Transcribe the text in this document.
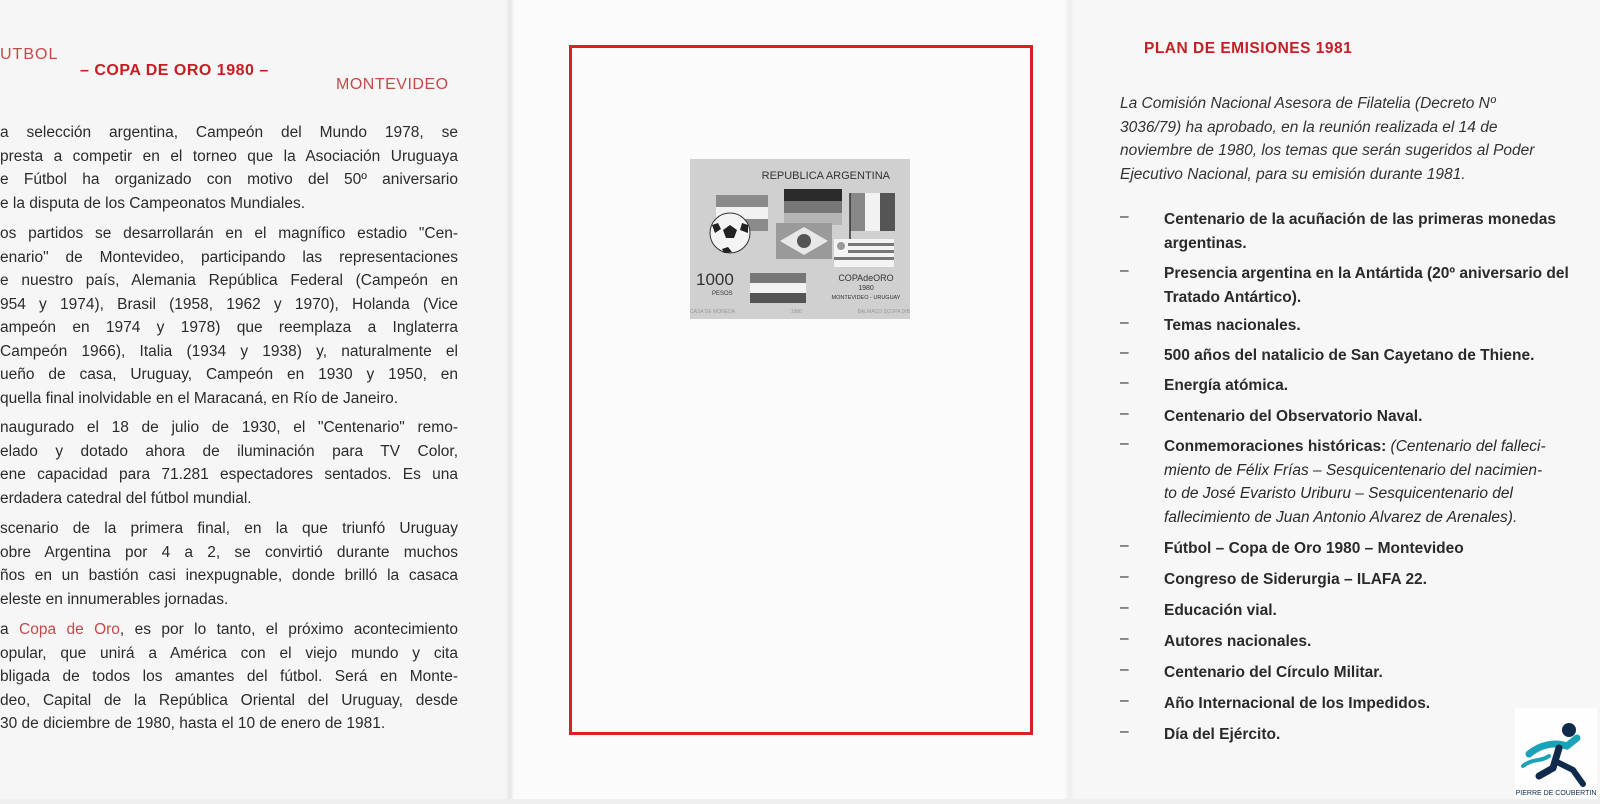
UTBOL
– COPA DE ORO 1980 –
MONTEVIDEO
a selección argentina, Campeón del Mundo 1978, se
presta a competir en el torneo que la Asociación Uruguaya
e Fútbol ha organizado con motivo del 50º aniversario
e la disputa de los Campeonatos Mundiales.
os partidos se desarrollarán en el magnífico estadio "Cen-
enario" de Montevideo, participando las representaciones
e nuestro país, Alemania República Federal (Campeón en
954 y 1974), Brasil (1958, 1962 y 1970), Holanda (Vice
ampeón en 1974 y 1978) que reemplaza a Inglaterra
Campeón 1966), Italia (1934 y 1938) y, naturalmente el
ueño de casa, Uruguay, Campeón en 1930 y 1950, en
quella final inolvidable en el Maracaná, en Río de Janeiro.
naugurado el 18 de julio de 1930, el "Centenario" remo-
elado y dotado ahora de iluminación para TV Color,
ene capacidad para 71.281 espectadores sentados. Es una
erdadera catedral del fútbol mundial.
scenario de la primera final, en la que triunfó Uruguay
obre Argentina por 4 a 2, se convirtió durante muchos
ños en un bastión casi inexpugnable, donde brilló la casaca
eleste en innumerables jornadas.
a Copa de Oro, es por lo tanto, el próximo acontecimiento
opular, que unirá a América con el viejo mundo y cita
bligada de todos los amantes del fútbol. Será en Monte-
deo, Capital de la República Oriental del Uruguay, desde
30 de diciembre de 1980, hasta el 10 de enero de 1981.
REPUBLICA ARGENTINA
1000
PESOS
COPAdeORO
1980
MONTEVIDEO - URUGUAY
CASA DE MONEDA	1980	BALMACO SCOPA DIB
PLAN DE EMISIONES 1981
La Comisión Nacional Asesora de Filatelia (Decreto Nº
3036/79) ha aprobado, en la reunión realizada el 14 de
noviembre de 1980, los temas que serán sugeridos al Poder
Ejecutivo Nacional, para su emisión durante 1981.
– Centenario de la acuñación de las primeras monedas
argentinas.
– Presencia argentina en la Antártida (20º aniversario del
Tratado Antártico).
– Temas nacionales.
– 500 años del natalicio de San Cayetano de Thiene.
– Energía atómica.
– Centenario del Observatorio Naval.
– Conmemoraciones históricas: (Centenario del falleci-
miento de Félix Frías – Sesquicentenario del nacimien-
to de José Evaristo Uriburu – Sesquicentenario del
fallecimiento de Juan Antonio Alvarez de Arenales).
– Fútbol – Copa de Oro 1980 – Montevideo
– Congreso de Siderurgia – ILAFA 22.
– Educación vial.
– Autores nacionales.
– Centenario del Círculo Militar.
– Año Internacional de los Impedidos.
– Día del Ejército.
PIERRE DE COUBERTIN
